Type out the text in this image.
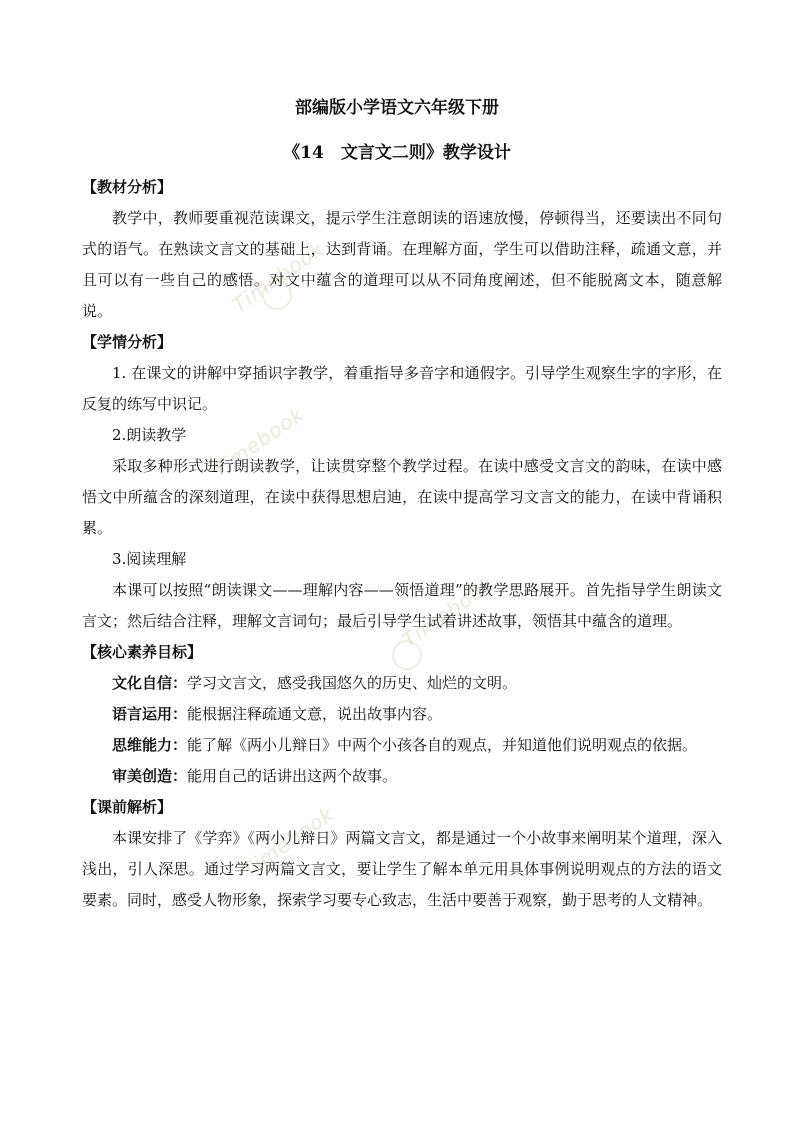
Timebook
Timebook
Timebook
Timebook
部编版小学语文六年级下册
《14　文言文二则》教学设计

【教材分析】

教学中，教师要重视范读课文，提示学生注意朗读的语速放慢，停顿得当，还要读出不同句式的语气。在熟读文言文的基础上，达到背诵。在理解方面，学生可以借助注释，疏通文意，并且可以有一些自己的感悟。对文中蕴含的道理可以从不同角度阐述，但不能脱离文本，随意解说。

【学情分析】

1. 在课文的讲解中穿插识字教学，着重指导多音字和通假字。引导学生观察生字的字形，在反复的练写中识记。

2.朗读教学

采取多种形式进行朗读教学，让读贯穿整个教学过程。在读中感受文言文的韵味，在读中感悟文中所蕴含的深刻道理，在读中获得思想启迪，在读中提高学习文言文的能力，在读中背诵积累。

3.阅读理解

本课可以按照“朗读课文——理解内容——领悟道理”的教学思路展开。首先指导学生朗读文言文；然后结合注释，理解文言词句；最后引导学生试着讲述故事，领悟其中蕴含的道理。

【核心素养目标】

文化自信：学习文言文，感受我国悠久的历史、灿烂的文明。

语言运用：能根据注释疏通文意，说出故事内容。

思维能力：能了解《两小儿辩日》中两个小孩各自的观点，并知道他们说明观点的依据。

审美创造：能用自己的话讲出这两个故事。

【课前解析】

本课安排了《学弈》《两小儿辩日》两篇文言文，都是通过一个小故事来阐明某个道理，深入浅出，引人深思。通过学习两篇文言文，要让学生了解本单元用具体事例说明观点的方法的语文要素。同时，感受人物形象，探索学习要专心致志，生活中要善于观察，勤于思考的人文精神。
